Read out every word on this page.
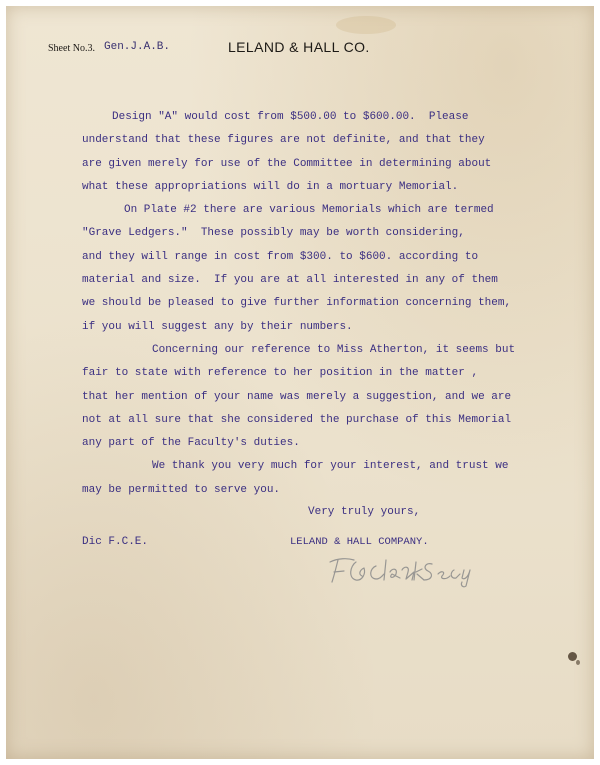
Sheet No.3. Gen.J.A.B.	LELAND & HALL CO.
Design "A" would cost from $500.00 to $600.00.  Please
understand that these figures are not definite, and that they
are given merely for use of the Committee in determining about
what these appropriations will do in a mortuary Memorial.
On Plate #2 there are various Memorials which are termed
"Grave Ledgers."  These possibly may be worth considering,
and they will range in cost from $300. to $600. according to
material and size.  If you are at all interested in any of them
we should be pleased to give further information concerning them,
if you will suggest any by their numbers.
Concerning our reference to Miss Atherton, it seems but
fair to state with reference to her position in the matter ,
that her mention of your name was merely a suggestion, and we are
not at all sure that she considered the purchase of this Memorial
any part of the Faculty's duties.
We thank you very much for your interest, and trust we
may be permitted to serve you.
Very truly yours,
Dic F.C.E.	LELAND & HALL COMPANY.
